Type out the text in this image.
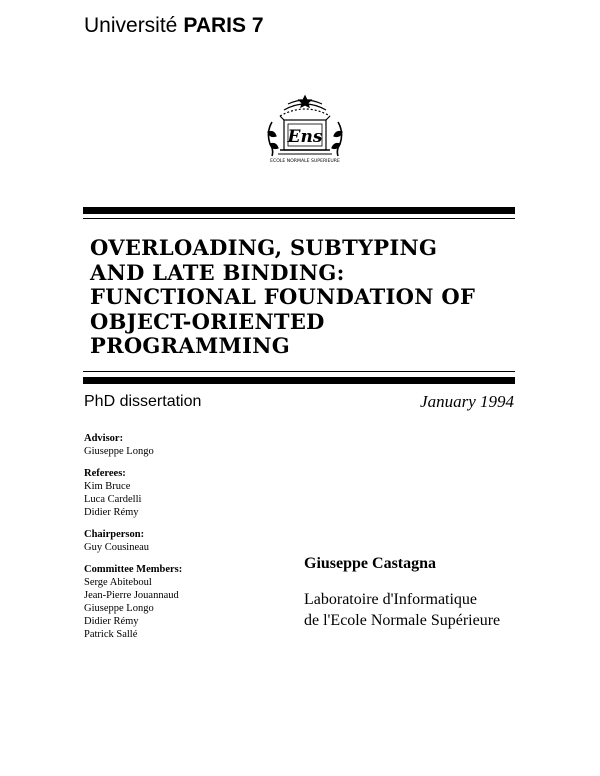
Université PARIS 7
Ens
ECOLE NORMALE SUPERIEURE
OVERLOADING, SUBTYPING
AND LATE BINDING:
FUNCTIONAL FOUNDATION OF
OBJECT-ORIENTED
PROGRAMMING
PhD dissertation	January 1994
Advisor:
Giuseppe Longo
Referees:
Kim Bruce
Luca Cardelli
Didier Rémy
Chairperson:
Guy Cousineau
Committee Members:
Serge Abiteboul
Jean-Pierre Jouannaud
Giuseppe Longo
Didier Rémy
Patrick Sallé
Giuseppe Castagna
Laboratoire d'Informatique
de l'Ecole Normale Supérieure
